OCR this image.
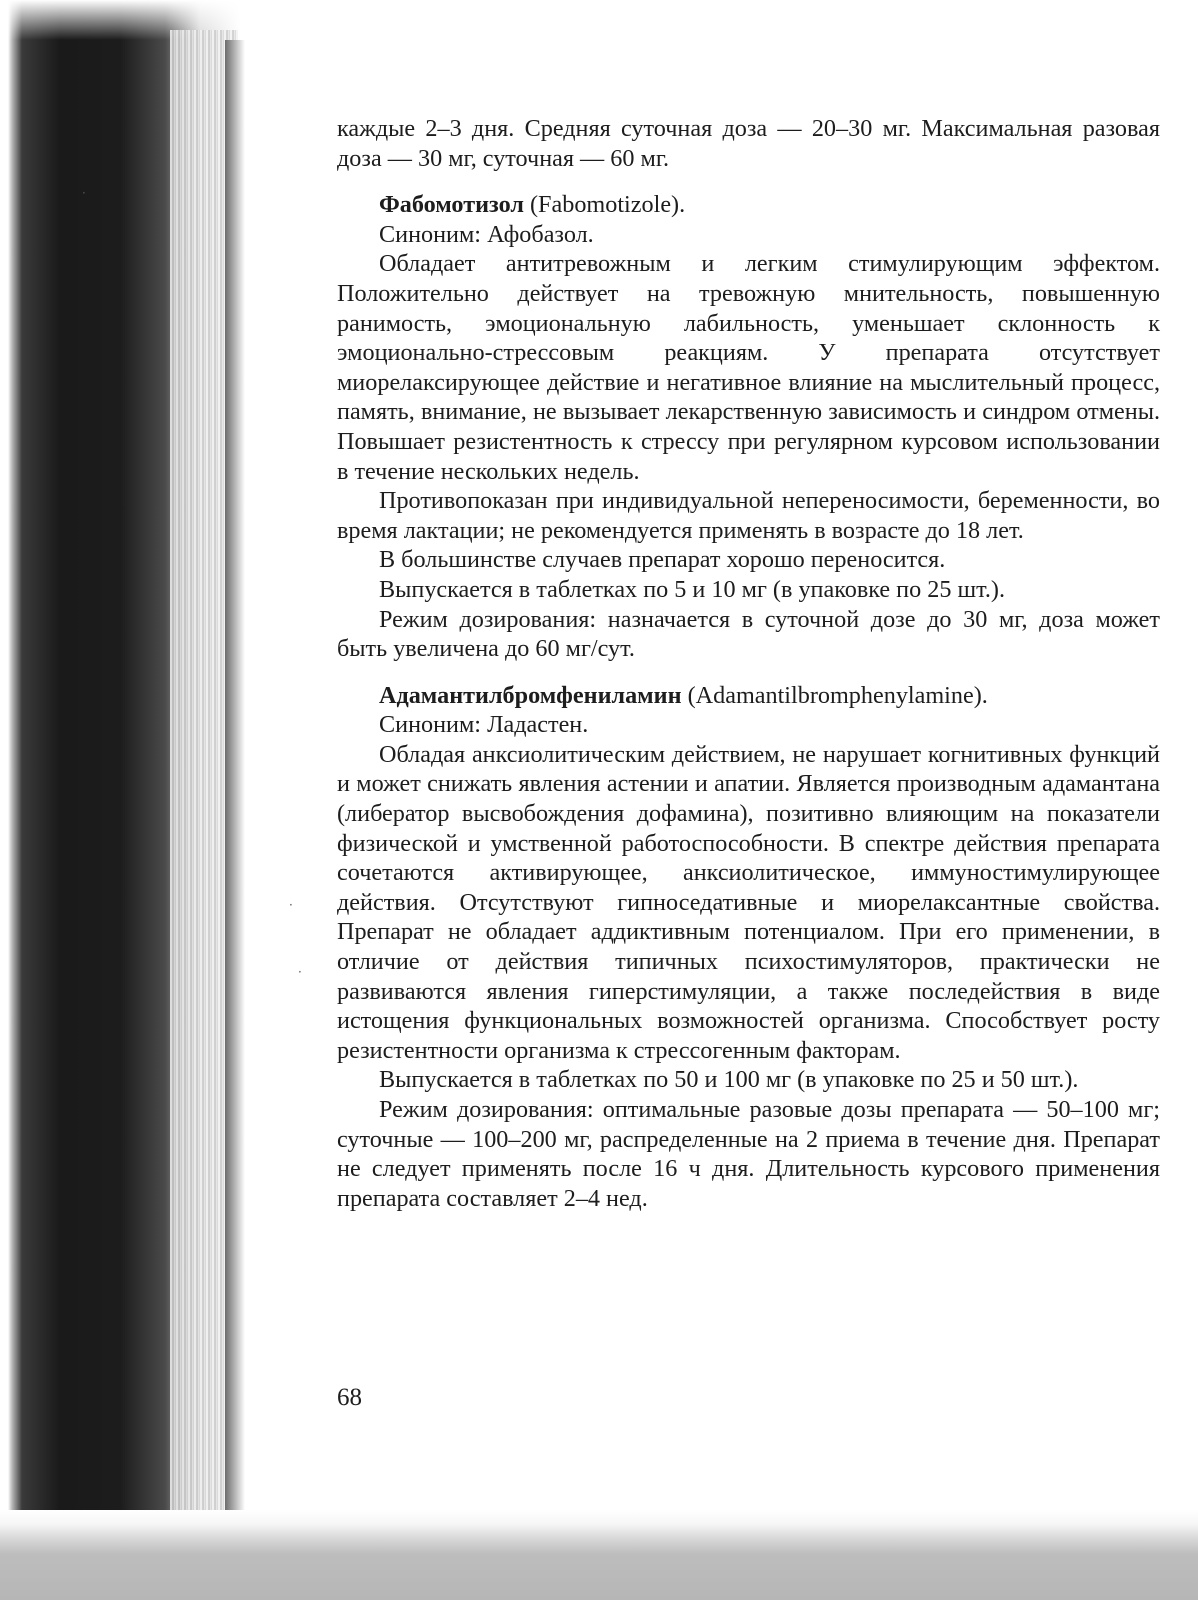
·
·
·

каждые 2–3 дня. Средняя суточная доза — 20–30 мг. Максимальная разовая доза — 30 мг, суточная — 60 мг.

Фабомотизол (Fabomotizole).

Синоним: Афобазол.

Обладает антитревожным и легким стимулирующим эффектом. Положительно действует на тревожную мнительность, повышенную ранимость, эмоциональную лабильность, уменьшает склонность к эмоционально-стрессовым реакциям. У препарата отсутствует миорелаксирующее действие и негативное влияние на мыслительный процесс, память, внимание, не вызывает лекарственную зависимость и синдром отмены. Повышает резистентность к стрессу при регулярном курсовом использовании в течение нескольких недель.

Противопоказан при индивидуальной непереносимости, беременности, во время лактации; не рекомендуется применять в возрасте до 18 лет.

В большинстве случаев препарат хорошо переносится.

Выпускается в таблетках по 5 и 10 мг (в упаковке по 25 шт.).

Режим дозирования: назначается в суточной дозе до 30 мг, доза может быть увеличена до 60 мг/сут.

Адамантилбромфениламин (Adamantilbromphenylamine).

Синоним: Ладастен.

Обладая анксиолитическим действием, не нарушает когнитивных функций и может снижать явления астении и апатии. Является производным адамантана (либератор высвобождения дофамина), позитивно влияющим на показатели физической и умственной работоспособности. В спектре действия препарата сочетаются активирующее, анксиолитическое, иммуностимулирующее действия. Отсутствуют гипноседативные и миорелаксантные свойства. Препарат не обладает аддиктивным потенциалом. При его применении, в отличие от действия типичных психостимуляторов, практически не развиваются явления гиперстимуляции, а также последействия в виде истощения функциональных возможностей организма. Способствует росту резистентности организма к стрессогенным факторам.

Выпускается в таблетках по 50 и 100 мг (в упаковке по 25 и 50 шт.).

Режим дозирования: оптимальные разовые дозы препарата — 50–100 мг; суточные — 100–200 мг, распределенные на 2 приема в течение дня. Препарат не следует применять после 16 ч дня. Длительность курсового применения препарата составляет 2–4 нед.

68
